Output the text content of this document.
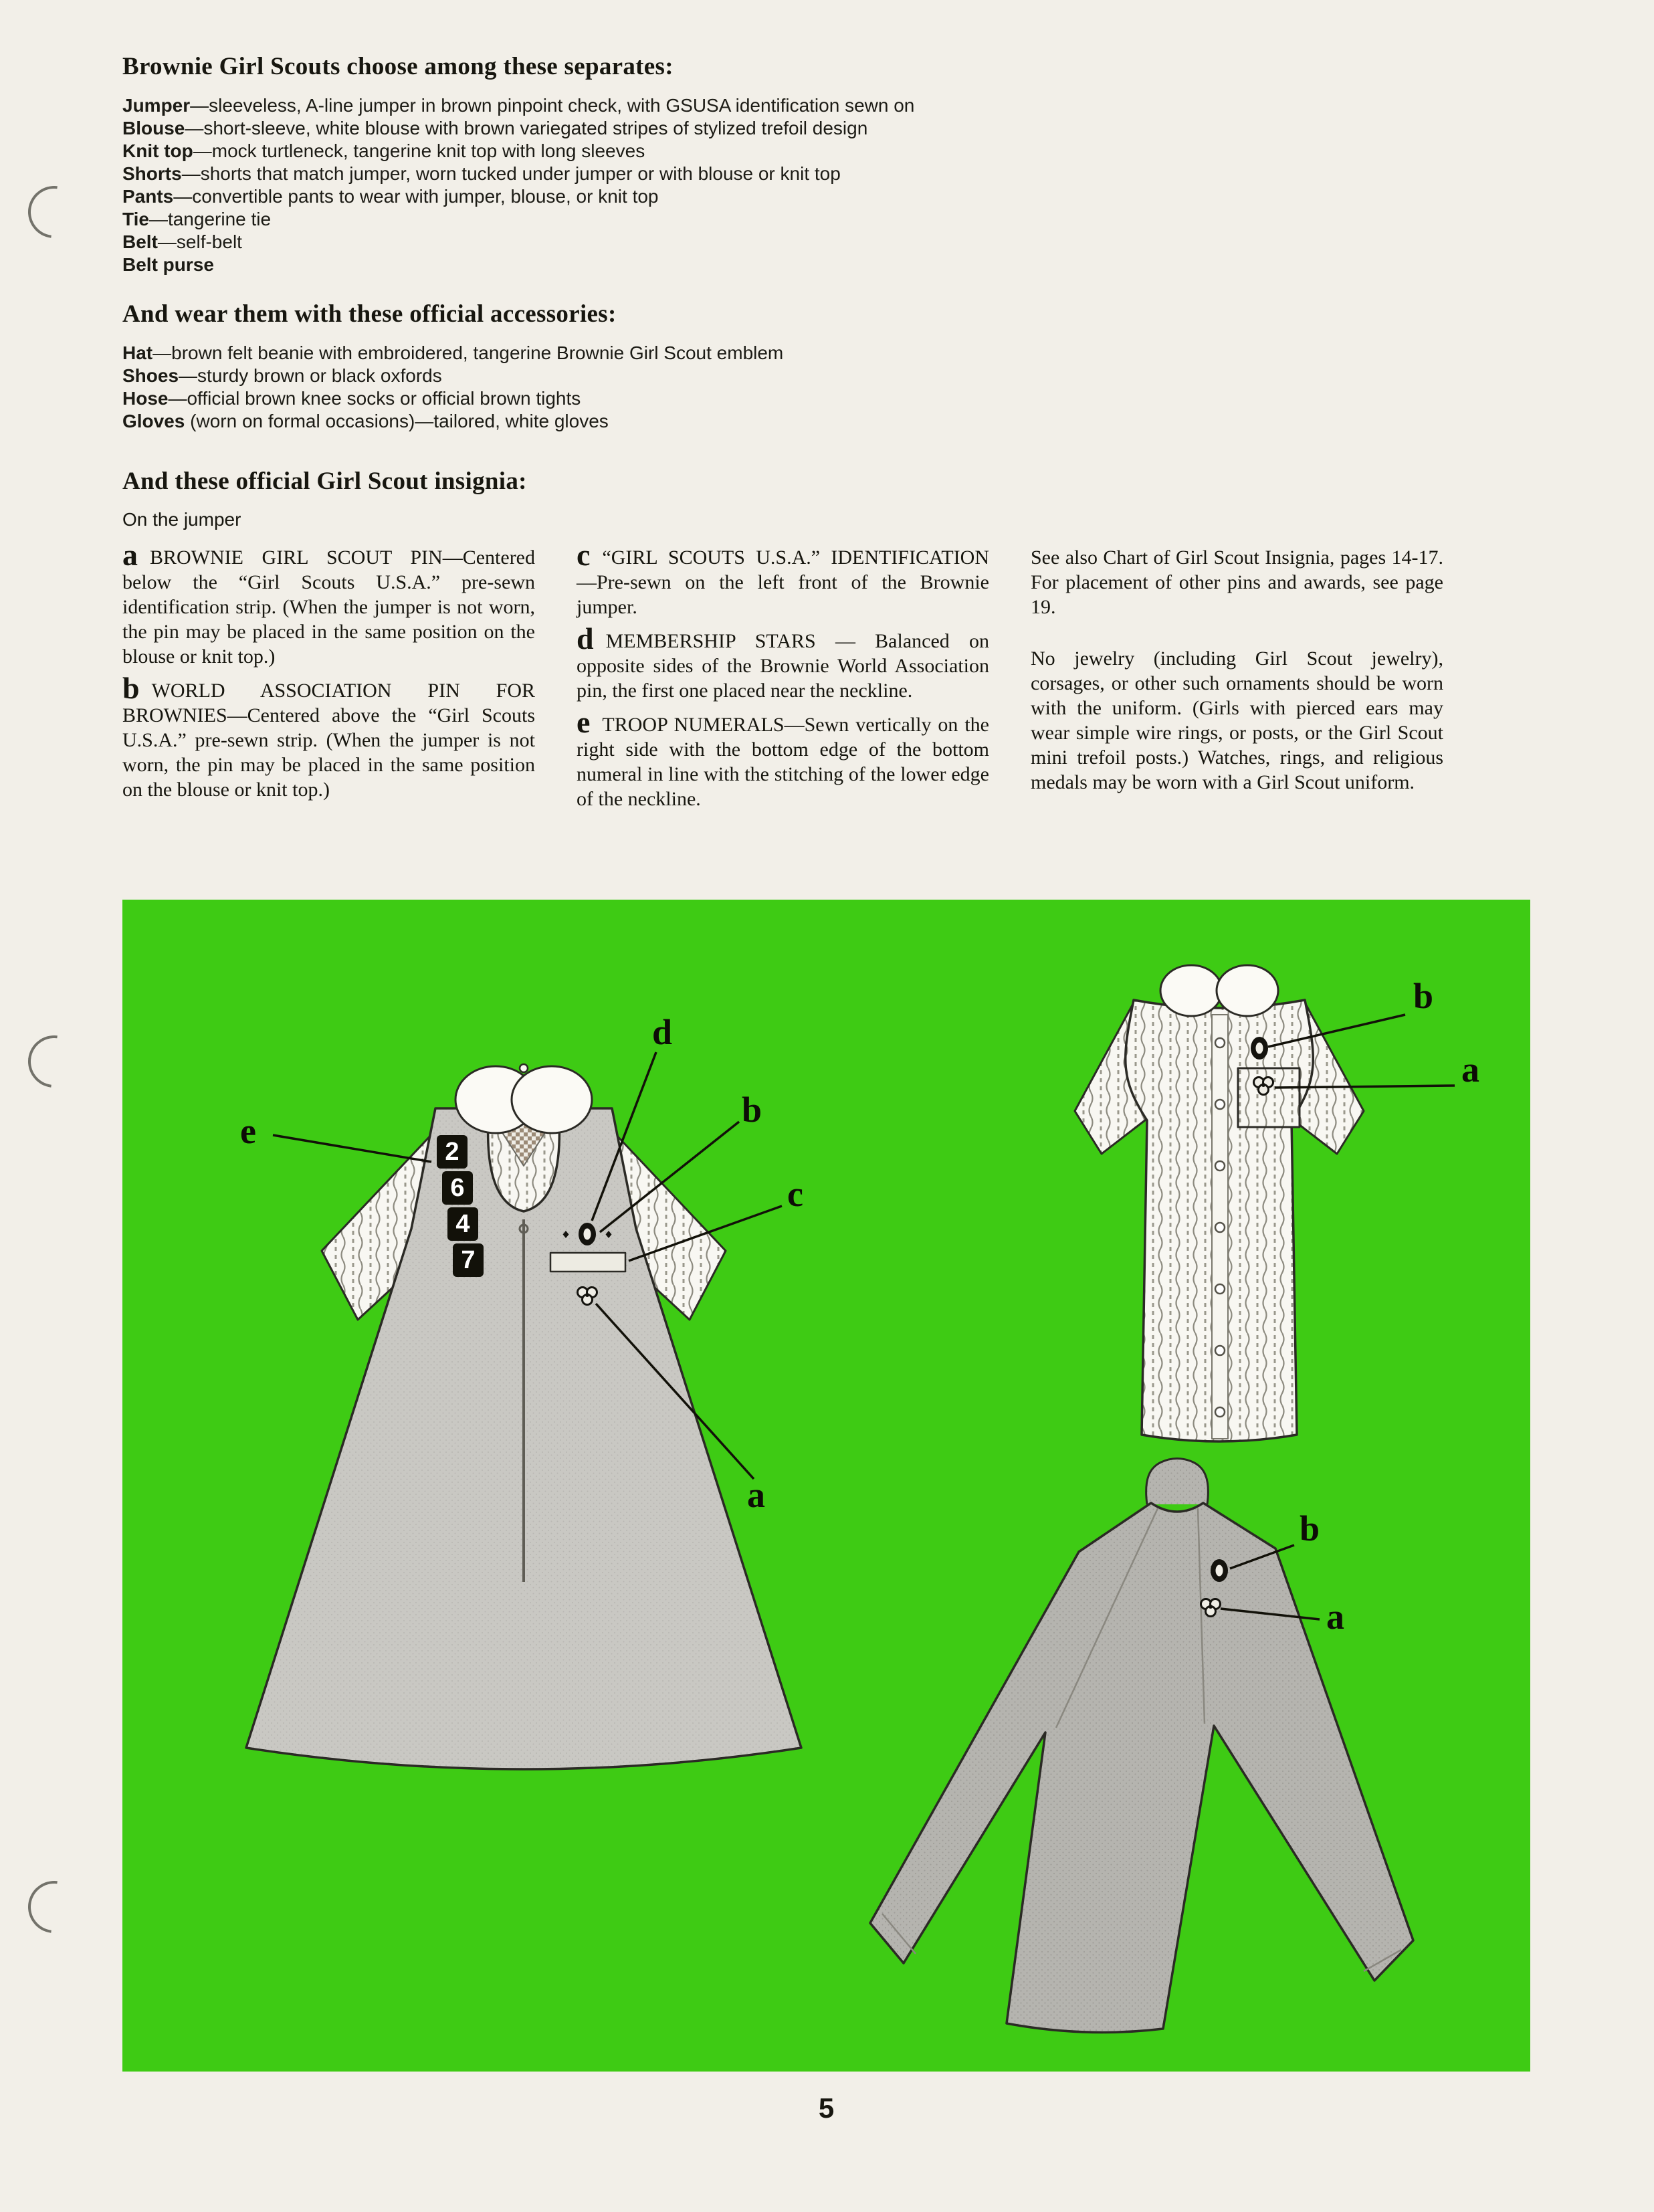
Brownie Girl Scouts choose among these separates:

Jumper—sleeveless, A-line jumper in brown pinpoint check, with GSUSA identification sewn on

Blouse—short-sleeve, white blouse with brown variegated stripes of stylized trefoil design

Knit top—mock turtleneck, tangerine knit top with long sleeves

Shorts—shorts that match jumper, worn tucked under jumper or with blouse or knit top

Pants—convertible pants to wear with jumper, blouse, or knit top

Tie—tangerine tie

Belt—self-belt

Belt purse

And wear them with these official accessories:

Hat—brown felt beanie with embroidered, tangerine Brownie Girl Scout emblem

Shoes—sturdy brown or black oxfords

Hose—official brown knee socks or official brown tights

Gloves (worn on formal occasions)—tailored, white gloves

And these official Girl Scout insignia:

On the jumper

aBROWNIE GIRL SCOUT PIN—Centered below the “Girl Scouts U.S.A.” pre-sewn identification strip. (When the jumper is not worn, the pin may be placed in the same position on the blouse or knit top.)

bWORLD ASSOCIATION PIN FOR BROWNIES—Centered above the “Girl Scouts U.S.A.” pre-sewn strip. (When the jumper is not worn, the pin may be placed in the same position on the blouse or knit top.)

c “GIRL SCOUTS U.S.A.” IDENTIFICATION—Pre-sewn on the left front of the Brownie jumper.

dMEMBERSHIP STARS — Balanced on opposite sides of the Brownie World Association pin, the first one placed near the neckline.

eTROOP NUMERALS—Sewn vertically on the right side with the bottom edge of the bottom numeral in line with the stitching of the lower edge of the neckline.

See also Chart of Girl Scout Insignia, pages 14-17. For placement of other pins and awards, see page 19.

No jewelry (including Girl Scout jewelry), corsages, or other such ornaments should be worn with the uniform. (Girls with pierced ears may wear simple wire rings, or posts, or the Girl Scout mini trefoil posts.) Watches, rings, and religious medals may be worn with a Girl Scout uniform.

2
6
4
7
e
d
b
c
a
b
a
b
a
5
